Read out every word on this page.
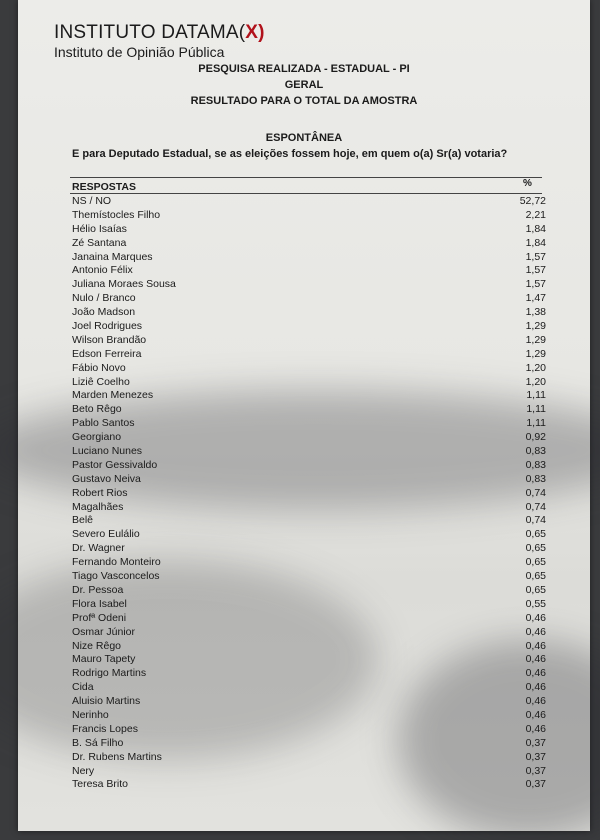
INSTITUTO DATAMA(X)
Instituto de Opinião Pública
PESQUISA REALIZADA - ESTADUAL - PI
GERAL
RESULTADO PARA O TOTAL DA AMOSTRA
ESPONTÂNEA
E para Deputado Estadual, se as eleições fossem hoje, em quem o(a) Sr(a) votaria?
RESPOSTAS	%
NS / NO	52,72
Themístocles Filho	2,21
Hélio Isaías	1,84
Zé Santana	1,84
Janaina Marques	1,57
Antonio Félix	1,57
Juliana Moraes Sousa	1,57
Nulo / Branco	1,47
João Madson	1,38
Joel Rodrigues	1,29
Wilson Brandão	1,29
Edson Ferreira	1,29
Fábio Novo	1,20
Liziê Coelho	1,20
Marden Menezes	1,11
Beto Rêgo	1,11
Pablo Santos	1,11
Georgiano	0,92
Luciano Nunes	0,83
Pastor Gessivaldo	0,83
Gustavo Neiva	0,83
Robert Rios	0,74
Magalhães	0,74
Belê	0,74
Severo Eulálio	0,65
Dr. Wagner	0,65
Fernando Monteiro	0,65
Tiago Vasconcelos	0,65
Dr. Pessoa	0,65
Flora Isabel	0,55
Profª Odeni	0,46
Osmar Júnior	0,46
Nize Rêgo	0,46
Mauro Tapety	0,46
Rodrigo Martins	0,46
Cida	0,46
Aluisio Martins	0,46
Nerinho	0,46
Francis Lopes	0,46
B. Sá Filho	0,37
Dr. Rubens Martins	0,37
Nery	0,37
Teresa Brito	0,37
